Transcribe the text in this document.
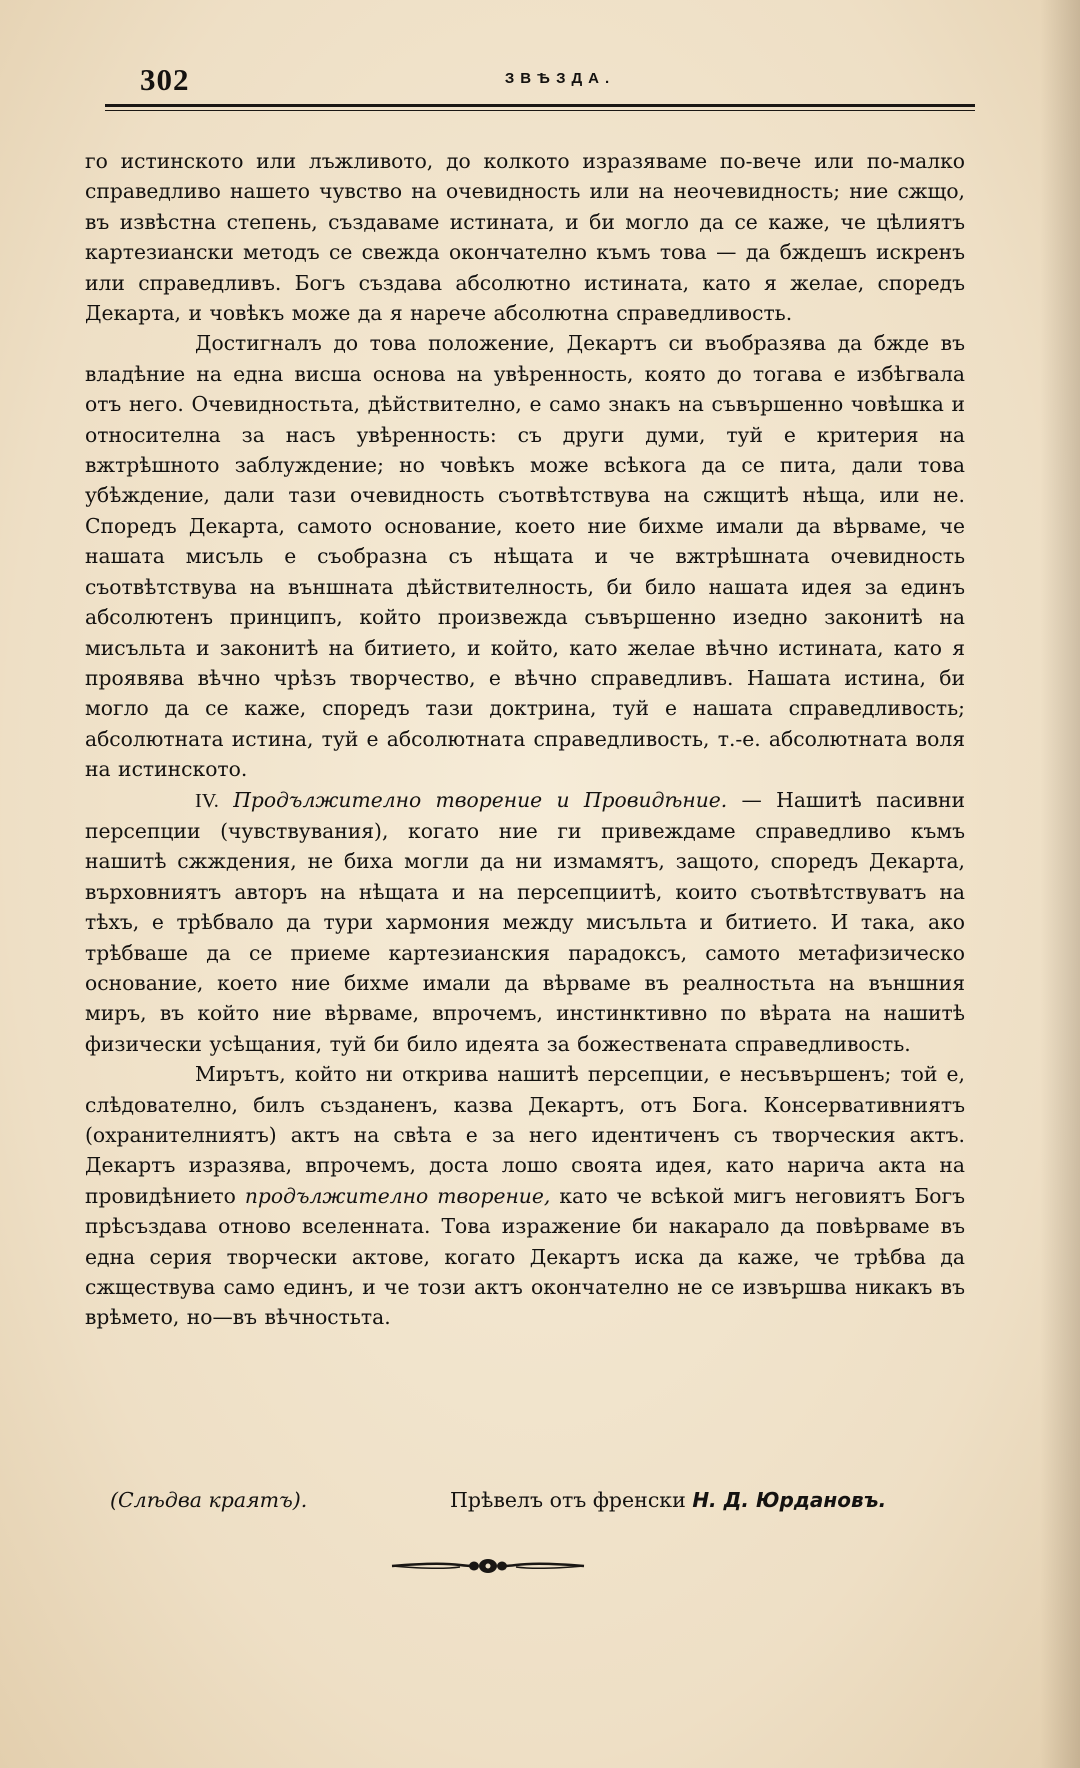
302	ЗВѢЗДА.

го истинското или лъжливото, до колкото изразяваме по-вече или по-малко справедливо нашето чувство на очевидность или на неочевидность; ние сжщо, въ извѣстна степень, създаваме истината, и би могло да се каже, че цѣлиятъ картезиански методъ се свежда окончателно къмъ това — да бждешъ искренъ или справедливъ. Богъ създава абсолютно истината, като я желае, споредъ Декарта, и човѣкъ може да я нарече абсолютна справедливость.

Достигналъ до това положение, Декартъ си въобразява да бжде въ владѣние на една висша основа на увѣренность, която до тогава е избѣгвала отъ него. Очевидностьта, дѣйствително, е само знакъ на съвършенно човѣшка и относителна за насъ увѣренность: съ други думи, туй е критерия на вжтрѣшното заблуждение; но човѣкъ може всѣкога да се пита, дали това убѣждение, дали тази очевидность съотвѣтствува на сжщитѣ нѣща, или не. Споредъ Декарта, самото основание, което ние бихме имали да вѣрваме, че нашата мисъль е съобразна съ нѣщата и че вжтрѣшната очевидность съотвѣтствува на външната дѣйствителность, би било нашата идея за единъ абсолютенъ принципъ, който произвежда съвършенно изедно законитѣ на мисъльта и законитѣ на битието, и който, като желае вѣчно истината, като я проявява вѣчно чрѣзъ творчество, е вѣчно справедливъ. Нашата истина, би могло да се каже, споредъ тази доктрина, туй е нашата справедливость; абсолютната истина, туй е абсолютната справедливость, т.-е. абсолютната воля на истинското.

IV. Продължително творение и Провидѣние. — Нашитѣ пасивни персепции (чувствувания), когато ние ги привеждаме справедливо къмъ нашитѣ сжждения, не биха могли да ни измамятъ, защото, споредъ Декарта, върховниятъ авторъ на нѣщата и на персепциитѣ, които съотвѣтствуватъ на тѣхъ, е трѣбвало да тури хармония между мисъльта и битието. И така, ако трѣбваше да се приеме картезианския парадоксъ, самото метафизическо основание, което ние бихме имали да вѣрваме въ реалностьта на външния миръ, въ който ние вѣрваме, впрочемъ, инстинктивно по вѣрата на нашитѣ физически усѣщания, туй би било идеята за божествената справедливость.

Мирътъ, който ни открива нашитѣ персепции, е несъвършенъ; той е, слѣдователно, билъ създаненъ, казва Декартъ, отъ Бога. Консервативниятъ (охранителниятъ) актъ на свѣта е за него идентиченъ съ творческия актъ. Декартъ изразява, впрочемъ, доста лошо своята идея, като нарича акта на провидѣнието продължително творение, като че всѣкой мигъ неговиятъ Богъ прѣсъздава отново вселенната. Това изражение би накарало да повѣрваме въ една серия творчески актове, когато Декартъ иска да каже, че трѣбва да сжществува само единъ, и че този актъ окончателно не се извършва никакъ въ врѣмето, но—въ вѣчностьта.

(Слѣдва краятъ).	Прѣвелъ отъ френски Н. Д. Юрдановъ.
